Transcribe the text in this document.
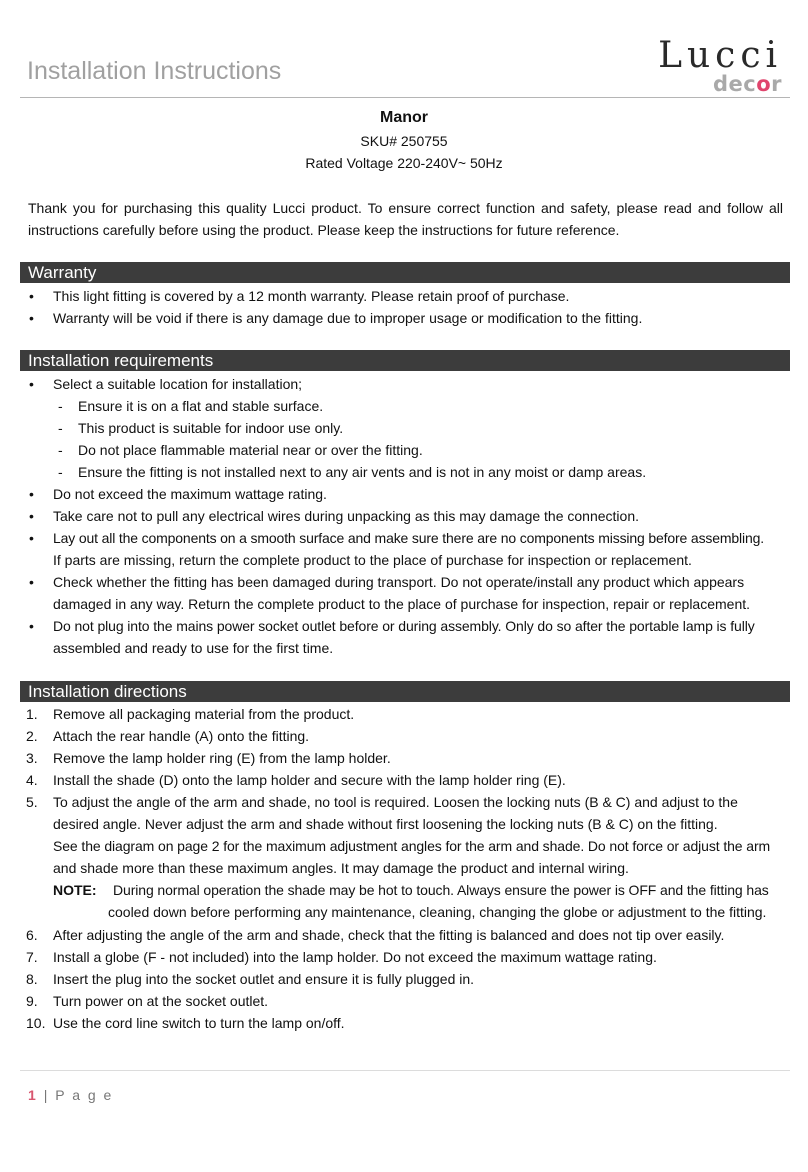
Installation Instructions	Lucci
decor
Manor
SKU# 250755
Rated Voltage 220-240V~ 50Hz
Thank you for purchasing this quality Lucci product. To ensure correct function and safety, please read and follow all instructions carefully before using the product. Please keep the instructions for future reference.
Warranty
• This light fitting is covered by a 12 month warranty. Please retain proof of purchase.
• Warranty will be void if there is any damage due to improper usage or modification to the fitting.
Installation requirements
• Select a suitable location for installation;
- Ensure it is on a flat and stable surface.
- This product is suitable for indoor use only.
- Do not place flammable material near or over the fitting.
- Ensure the fitting is not installed next to any air vents and is not in any moist or damp areas.
• Do not exceed the maximum wattage rating.
• Take care not to pull any electrical wires during unpacking as this may damage the connection.
• Lay out all the components on a smooth surface and make sure there are no components missing before assembling.
If parts are missing, return the complete product to the place of purchase for inspection or replacement.
• Check whether the fitting has been damaged during transport. Do not operate/install any product which appears
damaged in any way. Return the complete product to the place of purchase for inspection, repair or replacement.
• Do not plug into the mains power socket outlet before or during assembly. Only do so after the portable lamp is fully
assembled and ready to use for the first time.
Installation directions
1. Remove all packaging material from the product.
2. Attach the rear handle (A) onto the fitting.
3. Remove the lamp holder ring (E) from the lamp holder.
4. Install the shade (D) onto the lamp holder and secure with the lamp holder ring (E).
5. To adjust the angle of the arm and shade, no tool is required. Loosen the locking nuts (B & C) and adjust to the
desired angle. Never adjust the arm and shade without first loosening the locking nuts (B & C) on the fitting.
See the diagram on page 2 for the maximum adjustment angles for the arm and shade. Do not force or adjust the arm
and shade more than these maximum angles. It may damage the product and internal wiring.
NOTE: During normal operation the shade may be hot to touch. Always ensure the power is OFF and the fitting has
cooled down before performing any maintenance, cleaning, changing the globe or adjustment to the fitting.
6. After adjusting the angle of the arm and shade, check that the fitting is balanced and does not tip over easily.
7. Install a globe (F - not included) into the lamp holder. Do not exceed the maximum wattage rating.
8. Insert the plug into the socket outlet and ensure it is fully plugged in.
9. Turn power on at the socket outlet.
10. Use the cord line switch to turn the lamp on/off.
1 | P a g e
